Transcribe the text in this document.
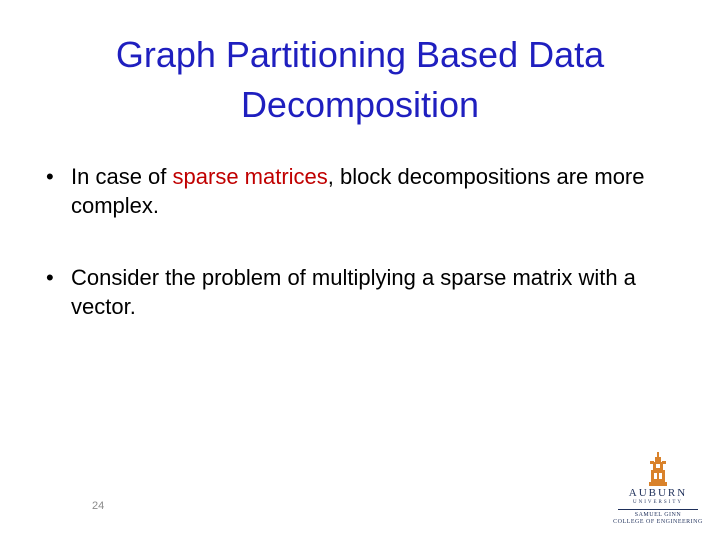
Graph Partitioning Based Data
Decomposition
• In case of sparse matrices, block decompositions are more complex.
• Consider the problem of multiplying a sparse matrix with a vector.
24
AUBURN
UNIVERSITY
SAMUEL GINN
COLLEGE OF ENGINEERING
